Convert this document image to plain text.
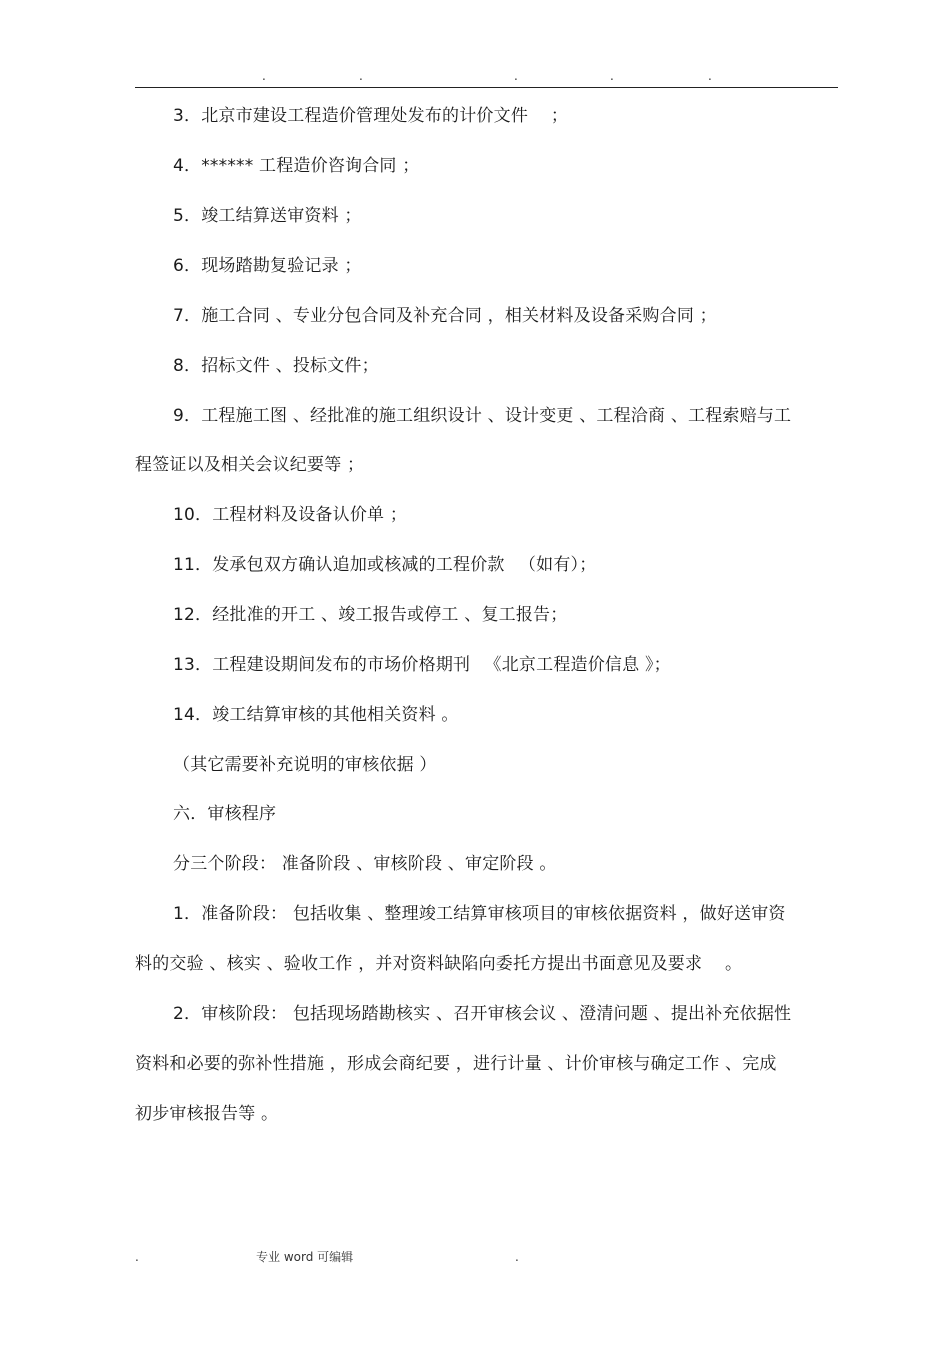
.	.	.	.	.
3．北京市建设工程造价管理处发布的计价文件　 ；
4．****** 工程造价咨询合同 ；
5．竣工结算送审资料 ；
6．现场踏勘复验记录 ；
7．施工合同 、专业分包合同及补充合同 ，相关材料及设备采购合同 ；
8．招标文件 、投标文件；
9．工程施工图 、经批准的施工组织设计 、设计变更 、工程洽商 、工程索赔与工
程签证以及相关会议纪要等 ；
10．工程材料及设备认价单 ；
11．发承包双方确认追加或核减的工程价款 　（如有）；
12．经批准的开工 、竣工报告或停工 、复工报告；
13．工程建设期间发布的市场价格期刊 　《北京工程造价信息 》；
14．竣工结算审核的其他相关资料 。
（其它需要补充说明的审核依据 ）
六．审核程序
分三个阶段： 准备阶段 、审核阶段 、审定阶段 。
1．准备阶段： 包括收集 、整理竣工结算审核项目的审核依据资料 ，做好送审资
料的交验 、核实 、验收工作 ，并对资料缺陷向委托方提出书面意见及要求 　。
2．审核阶段： 包括现场踏勘核实 、召开审核会议 、澄清问题 、提出补充依据性
资料和必要的弥补性措施 ，形成会商纪要 ，进行计量 、计价审核与确定工作 、完成
初步审核报告等 。
.	专业 word 可编辑	.
